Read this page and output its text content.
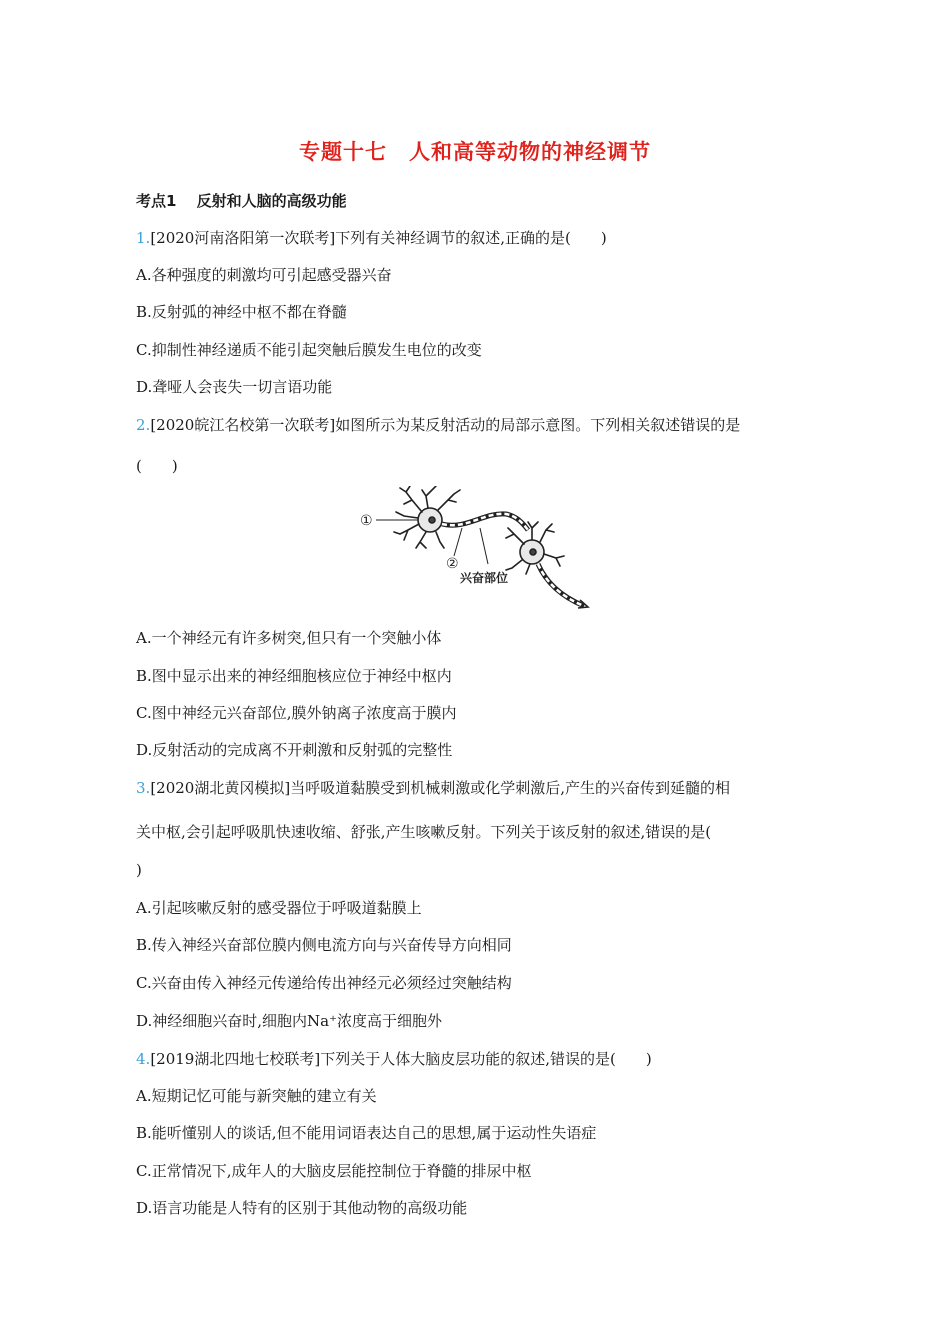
专题十七　人和高等动物的神经调节
考点1　 反射和人脑的高级功能
1.[2020河南洛阳第一次联考]下列有关神经调节的叙述,正确的是(　　)
A.各种强度的刺激均可引起感受器兴奋
B.反射弧的神经中枢不都在脊髓
C.抑制性神经递质不能引起突触后膜发生电位的改变
D.聋哑人会丧失一切言语功能
2.[2020皖江名校第一次联考]如图所示为某反射活动的局部示意图。下列相关叙述错误的是
(　　)
①
②
兴奋部位
A.一个神经元有许多树突,但只有一个突触小体
B.图中显示出来的神经细胞核应位于神经中枢内
C.图中神经元兴奋部位,膜外钠离子浓度高于膜内
D.反射活动的完成离不开刺激和反射弧的完整性
3.[2020湖北黄冈模拟]当呼吸道黏膜受到机械刺激或化学刺激后,产生的兴奋传到延髓的相
关中枢,会引起呼吸肌快速收缩、舒张,产生咳嗽反射。下列关于该反射的叙述,错误的是(
)
A.引起咳嗽反射的感受器位于呼吸道黏膜上
B.传入神经兴奋部位膜内侧电流方向与兴奋传导方向相同
C.兴奋由传入神经元传递给传出神经元必须经过突触结构
D.神经细胞兴奋时,细胞内Na⁺浓度高于细胞外
4.[2019湖北四地七校联考]下列关于人体大脑皮层功能的叙述,错误的是(　　)
A.短期记忆可能与新突触的建立有关
B.能听懂别人的谈话,但不能用词语表达自己的思想,属于运动性失语症
C.正常情况下,成年人的大脑皮层能控制位于脊髓的排尿中枢
D.语言功能是人特有的区别于其他动物的高级功能
